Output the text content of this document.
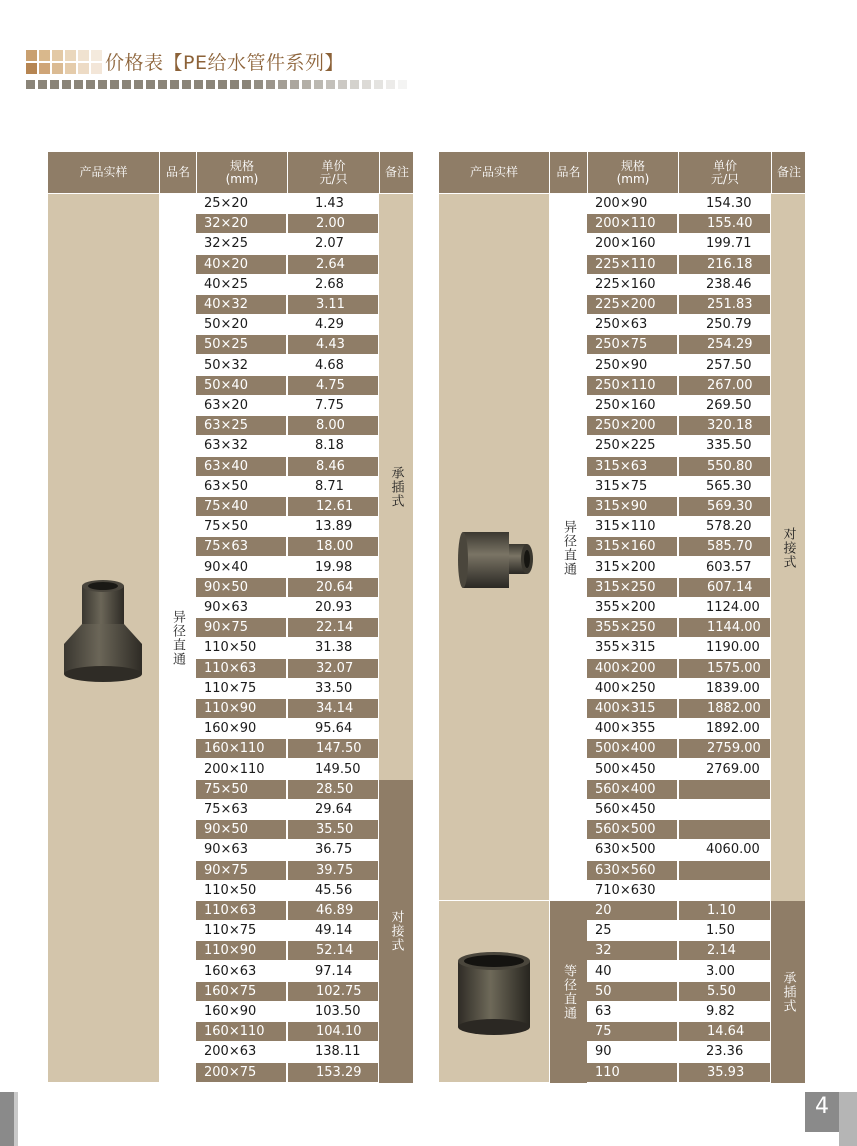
价格表【PE给水管件系列】
产品实样	品名	规格
(mm)
单价
元/只	备注
异径直通
25×20	1.43
32×20	2.00
32×25	2.07
40×20	2.64
40×25	2.68
40×32	3.11
50×20	4.29
50×25	4.43
50×32	4.68
50×40	4.75
63×20	7.75
63×25	8.00
63×32	8.18
63×40	8.46
63×50	8.71
75×40	12.61
75×50	13.89
75×63	18.00
90×40	19.98
90×50	20.64
90×63	20.93
90×75	22.14
110×50	31.38
110×63	32.07
110×75	33.50
110×90	34.14
160×90	95.64
160×110	147.50
200×110	149.50
承插式
75×50	28.50
75×63	29.64
90×50	35.50
90×63	36.75
90×75	39.75
110×50	45.56
110×63	46.89
110×75	49.14
110×90	52.14
160×63	97.14
160×75	102.75
160×90	103.50
160×110	104.10
200×63	138.11
200×75	153.29
对接式
产品实样	品名	规格
(mm)
单价
元/只	备注
异径直通
200×90	154.30
200×110	155.40
200×160	199.71
225×110	216.18
225×160	238.46
225×200	251.83
250×63	250.79
250×75	254.29
250×90	257.50
250×110	267.00
250×160	269.50
250×200	320.18
250×225	335.50
315×63	550.80
315×75	565.30
315×90	569.30
315×110	578.20
315×160	585.70
315×200	603.57
315×250	607.14
355×200	1124.00
355×250	1144.00
355×315	1190.00
400×200	1575.00
400×250	1839.00
400×315	1882.00
400×355	1892.00
500×400	2759.00
500×450	2769.00
560×400
560×450
560×500
630×500	4060.00
630×560
710×630
对接式
等径直通
20	1.10
25	1.50
32	2.14
40	3.00
50	5.50
63	9.82
75	14.64
90	23.36
110	35.93
承插式
4
